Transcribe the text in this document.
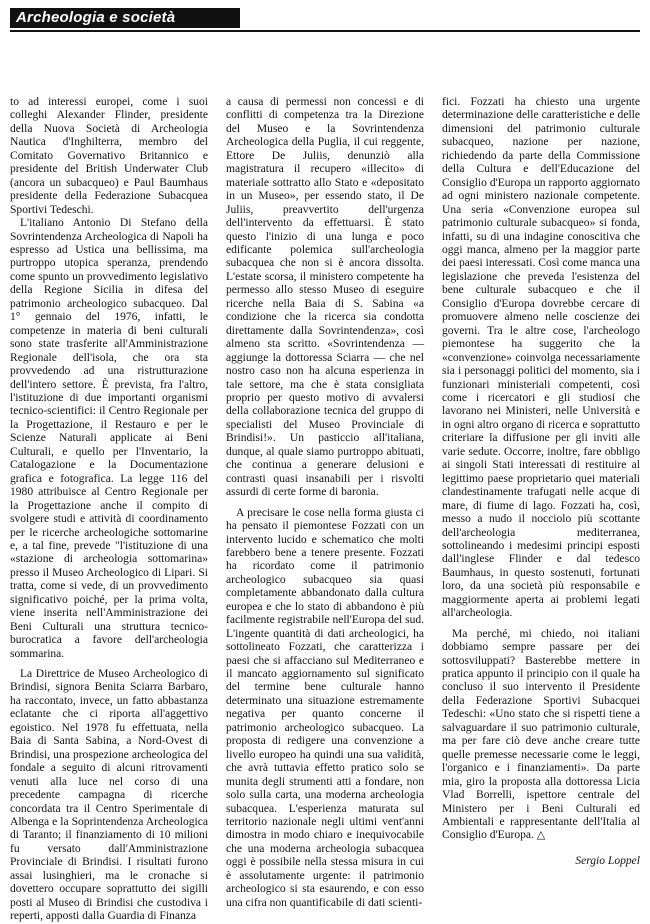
Archeologia e società

to ad interessi europei, come i suoi colleghi Alexander Flinder, presidente della Nuova Società di Archeologia Nautica d'Inghilterra, membro del Comitato Governativo Britannico e presidente del British Underwater Club (ancora un subacqueo) e Paul Baumhaus presidente della Federazione Subacquea Sportivi Tedeschi.

L'italiano Antonio Di Stefano della Sovrintendenza Archeologica di Napoli ha espresso ad Ustica una bellissima, ma purtroppo utopica speranza, prendendo come spunto un provvedimento legislativo della Regione Sicilia in difesa del patrimonio archeologico subacqueo. Dal 1° gennaio del 1976, infatti, le competenze in materia di beni culturali sono state trasferite all'Amministrazione Regionale dell'isola, che ora sta provvedendo ad una ristrutturazione dell'intero settore. È prevista, fra l'altro, l'istituzione di due importanti organismi tecnico-scientifici: il Centro Regionale per la Progettazione, il Restauro e per le Scienze Naturali applicate ai Beni Culturali, e quello per l'Inventario, la Catalogazione e la Documentazione grafica e fotografica. La legge 116 del 1980 attribuisce al Centro Regionale per la Progettazione anche il compito di svolgere studi e attività di coordinamento per le ricerche archeologiche sottomarine e, a tal fine, prevede "l'istituzione di una «stazione di archeologia sottomarina» presso il Museo Archeologico di Lipari. Si tratta, come si vede, di un provvedimento significativo poiché, per la prima volta, viene inserita nell'Amministrazione dei Beni Culturali una struttura tecnico-burocratica a favore dell'archeologia sommarina.

La Direttrice de Museo Archeologico di Brindisi, signora Benita Sciarra Barbaro, ha raccontato, invece, un fatto abbastanza eclatante che ci riporta all'aggettivo egoistico. Nel 1978 fu effettuata, nella Baia di Santa Sabina, a Nord-Ovest di Brindisi, una prospezione archeologica del fondale a seguito di alcuni ritrovamenti venuti alla luce nel corso di una precedente campagna di ricerche concordata tra il Centro Sperimentale di Albenga e la Soprintendenza Archeologica di Taranto; il finanziamento di 10 milioni fu versato dall'Amministrazione Provinciale di Brindisi. I risultati furono assai lusinghieri, ma le cronache si dovettero occupare soprattutto dei sigilli posti al Museo di Brindisi che custodiva i reperti, apposti dalla Guardia di Finanza

a causa di permessi non concessi e di conflitti di competenza tra la Direzione del Museo e la Sovrintendenza Archeologica della Puglia, il cui reggente, Ettore De Juliis, denunziò alla magistratura il recupero «illecito» di materiale sottratto allo Stato e «depositato in un Museo», per essendo stato, il De Juliis, preavvertito dell'urgenza dell'intervento da effettuarsi. È stato questo l'inizio di una lunga e poco edificante polemica sull'archeologia subacquea che non si è ancora dissolta. L'estate scorsa, il ministero competente ha permesso allo stesso Museo di eseguire ricerche nella Baia di S. Sabina «a condizione che la ricerca sia condotta direttamente dalla Sovrintendenza», così almeno sta scritto. «Sovrintendenza — aggiunge la dottoressa Sciarra — che nel nostro caso non ha alcuna esperienza in tale settore, ma che è stata consigliata proprio per questo motivo di avvalersi della collaborazione tecnica del gruppo di specialisti del Museo Provinciale di Brindisi!». Un pasticcio all'italiana, dunque, al quale siamo purtroppo abituati, che continua a generare delusioni e contrasti quasi insanabili per i risvolti assurdi di certe forme di baronia.

A precisare le cose nella forma giusta ci ha pensato il piemontese Fozzati con un intervento lucido e schematico che molti farebbero bene a tenere presente. Fozzati ha ricordato come il patrimonio archeologico subacqueo sia quasi completamente abbandonato dalla cultura europea e che lo stato di abbandono è più facilmente registrabile nell'Europa del sud. L'ingente quantità di dati archeologici, ha sottolineato Fozzati, che caratterizza i paesi che si affacciano sul Mediterraneo e il mancato aggiornamento sul significato del termine bene culturale hanno determinato una situazione estremamente negativa per quanto concerne il patrimonio archeologico subacqueo. La proposta di redigere una convenzione a livello europeo ha quindi una sua validità, che avrà tuttavia effetto pratico solo se munita degli strumenti atti a fondare, non solo sulla carta, una moderna archeologia subacquea. L'esperienza maturata sul territorio nazionale negli ultimi vent'anni dimostra in modo chiaro e inequivocabile che una moderna archeologia subacquea oggi è possibile nella stessa misura in cui è assolutamente urgente: il patrimonio archeologico si sta esaurendo, e con esso una cifra non quantificabile di dati scienti-

fici. Fozzati ha chiesto una urgente determinazione delle caratteristiche e delle dimensioni del patrimonio culturale subacqueo, nazione per nazione, richiedendo da parte della Commissione della Cultura e dell'Educazione del Consiglio d'Europa un rapporto aggiornato ad ogni ministero nazionale competente. Una seria «Convenzione europea sul patrimonio culturale subacqueo» si fonda, infatti, su di una indagine conoscitiva che oggi manca, almeno per la maggior parte dei paesi interessati. Così come manca una legislazione che preveda l'esistenza del bene culturale subacqueo e che il Consiglio d'Europa dovrebbe cercare di promuovere almeno nelle coscienze dei governi. Tra le altre cose, l'archeologo piemontese ha suggerito che la «convenzione» coinvolga necessariamente sia i personaggi politici del momento, sia i funzionari ministeriali competenti, così come i ricercatori e gli studiosi che lavorano nei Ministeri, nelle Università e in ogni altro organo di ricerca e soprattutto criteriare la diffusione per gli inviti alle varie sedute. Occorre, inoltre, fare obbligo ai singoli Stati interessati di restituire al legittimo paese proprietario quei materiali clandestinamente trafugati nelle acque di mare, di fiume di lago. Fozzati ha, così, messo a nudo il nocciolo più scottante dell'archeologia mediterranea, sottolineando i medesimi principi esposti dall'inglese Flinder e dal tedesco Baumhaus, in questo sostenuti, fortunati loro, da una società più responsabile e maggiormente aperta ai problemi legati all'archeologia.

Ma perché, mi chiedo, noi italiani dobbiamo sempre passare per dei sottosviluppati? Basterebbe mettere in pratica appunto il principio con il quale ha concluso il suo intervento il Presidente della Federazione Sportivi Subacquei Tedeschi: «Uno stato che si rispetti tiene a salvaguardare il suo patrimonio culturale, ma per fare ciò deve anche creare tutte quelle premesse necessarie come le leggi, l'organico e i finanziamenti». Da parte mia, giro la proposta alla dottoressa Licia Vlad Borrelli, ispettore centrale del Ministero per i Beni Culturali ed Ambientali e rappresentante dell'Italia al Consiglio d'Europa. △

Sergio Loppel
